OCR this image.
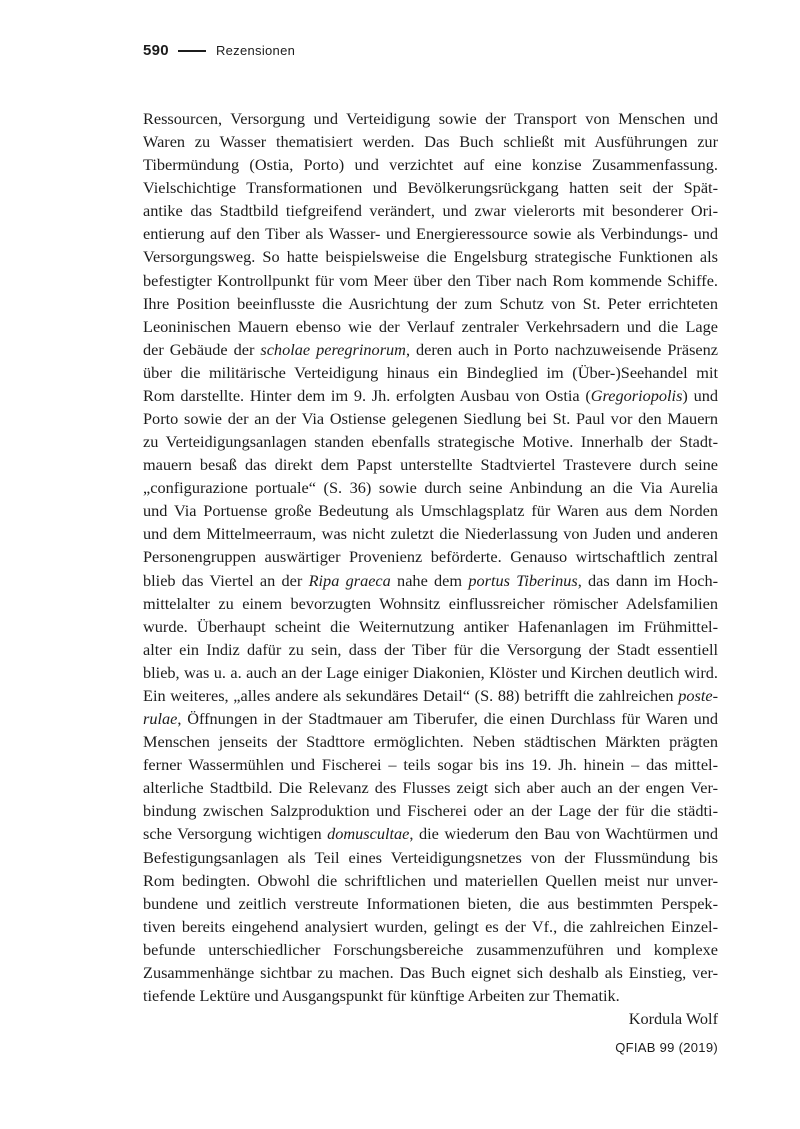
590	Rezensionen
Ressourcen, Versorgung und Verteidigung sowie der Transport von Menschen und
Waren zu Wasser thematisiert werden. Das Buch schließt mit Ausführungen zur
Tibermündung (Ostia, Porto) und verzichtet auf eine konzise Zusammenfassung.
Vielschichtige Transformationen und Bevölkerungsrückgang hatten seit der Spät-
antike das Stadtbild tiefgreifend verändert, und zwar vielerorts mit besonderer Ori-
entierung auf den Tiber als Wasser- und Energieressource sowie als Verbindungs- und
Versorgungsweg. So hatte beispielsweise die Engelsburg strategische Funktionen als
befestigter Kontrollpunkt für vom Meer über den Tiber nach Rom kommende Schiffe.
Ihre Position beeinflusste die Ausrichtung der zum Schutz von St. Peter errichteten
Leoninischen Mauern ebenso wie der Verlauf zentraler Verkehrsadern und die Lage
der Gebäude der scholae peregrinorum, deren auch in Porto nachzuweisende Präsenz
über die militärische Verteidigung hinaus ein Bindeglied im (Über-)Seehandel mit
Rom darstellte. Hinter dem im 9. Jh. erfolgten Ausbau von Ostia (Gregoriopolis) und
Porto sowie der an der Via Ostiense gelegenen Siedlung bei St. Paul vor den Mauern
zu Verteidigungsanlagen standen ebenfalls strategische Motive. Innerhalb der Stadt-
mauern besaß das direkt dem Papst unterstellte Stadtviertel Trastevere durch seine
„configurazione portuale“ (S. 36) sowie durch seine Anbindung an die Via Aurelia
und Via Portuense große Bedeutung als Umschlagsplatz für Waren aus dem Norden
und dem Mittelmeerraum, was nicht zuletzt die Niederlassung von Juden und anderen
Personengruppen auswärtiger Provenienz beförderte. Genauso wirtschaftlich zentral
blieb das Viertel an der Ripa graeca nahe dem portus Tiberinus, das dann im Hoch-
mittelalter zu einem bevorzugten Wohnsitz einflussreicher römischer Adelsfamilien
wurde. Überhaupt scheint die Weiternutzung antiker Hafenanlagen im Frühmittel-
alter ein Indiz dafür zu sein, dass der Tiber für die Versorgung der Stadt essentiell
blieb, was u. a. auch an der Lage einiger Diakonien, Klöster und Kirchen deutlich wird.
Ein weiteres, „alles andere als sekundäres Detail“ (S. 88) betrifft die zahlreichen poste-
rulae, Öffnungen in der Stadtmauer am Tiberufer, die einen Durchlass für Waren und
Menschen jenseits der Stadttore ermöglichten. Neben städtischen Märkten prägten
ferner Wassermühlen und Fischerei – teils sogar bis ins 19. Jh. hinein – das mittel-
alterliche Stadtbild. Die Relevanz des Flusses zeigt sich aber auch an der engen Ver-
bindung zwischen Salzproduktion und Fischerei oder an der Lage der für die städti-
sche Versorgung wichtigen domuscultae, die wiederum den Bau von Wachtürmen und
Befestigungsanlagen als Teil eines Verteidigungsnetzes von der Flussmündung bis
Rom bedingten. Obwohl die schriftlichen und materiellen Quellen meist nur unver-
bundene und zeitlich verstreute Informationen bieten, die aus bestimmten Perspek-
tiven bereits eingehend analysiert wurden, gelingt es der Vf., die zahlreichen Einzel-
befunde unterschiedlicher Forschungsbereiche zusammenzuführen und komplexe
Zusammenhänge sichtbar zu machen. Das Buch eignet sich deshalb als Einstieg, ver-
tiefende Lektüre und Ausgangspunkt für künftige Arbeiten zur Thematik.
Kordula Wolf
QFIAB 99 (2019)
